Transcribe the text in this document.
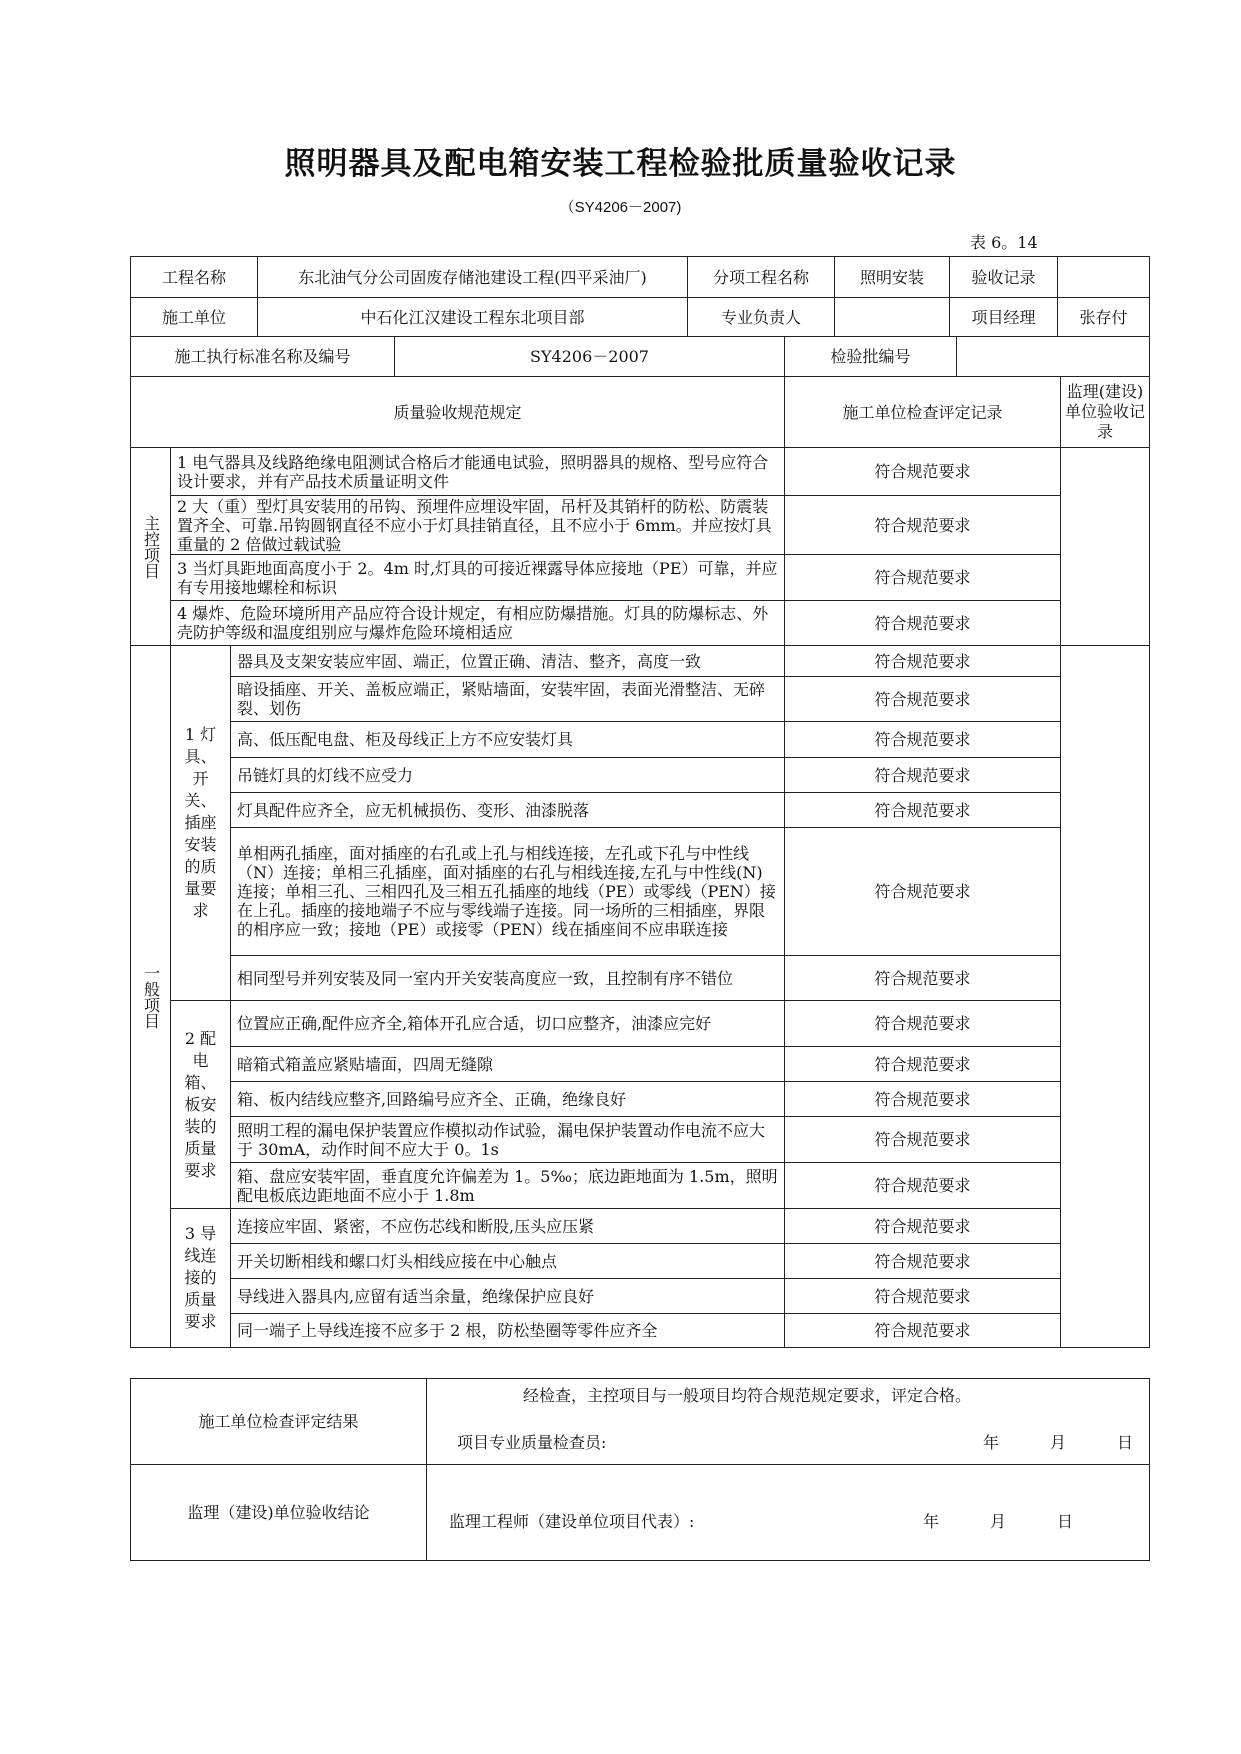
照明器具及配电箱安装工程检验批质量验收记录
（SY4206－2007)
表 6。14
工程名称	东北油气分公司固废存储池建设工程(四平采油厂)	分项工程名称	照明安装	验收记录	
施工单位	中石化江汉建设工程东北项目部	专业负责人		项目经理	张存付
施工执行标准名称及编号	SY4206－2007	检验批编号	
质量验收规范规定			施工单位检查评定记录	监理(建设)单位验收记录
主控项目	1 电气器具及线路绝缘电阻测试合格后才能通电试验，照明器具的规格、型号应符合设计要求，并有产品技术质量证明文件		符合规范要求	
	2 大（重）型灯具安装用的吊钩、预埋件应埋设牢固，吊杆及其销杆的防松、防震装置齐全、可靠.吊钩圆钢直径不应小于灯具挂销直径，且不应小于 6mm。并应按灯具重量的 2 倍做过载试验		符合规范要求	
	3 当灯具距地面高度小于 2。4m 时,灯具的可接近裸露导体应接地（PE）可靠，并应有专用接地螺栓和标识		符合规范要求	
	4 爆炸、危险环境所用产品应符合设计规定，有相应防爆措施。灯具的防爆标志、外壳防护等级和温度组别应与爆炸危险环境相适应		符合规范要求	
一般项目	1 灯具、开关、插座安装的质量要求	器具及支架安装应牢固、端正，位置正确、清洁、整齐，高度一致	符合规范要求	
		暗设插座、开关、盖板应端正，紧贴墙面，安装牢固，表面光滑整洁、无碎裂、划伤	符合规范要求	
		高、低压配电盘、柜及母线正上方不应安装灯具	符合规范要求	
		吊链灯具的灯线不应受力	符合规范要求	
		灯具配件应齐全，应无机械损伤、变形、油漆脱落	符合规范要求	
		单相两孔插座，面对插座的右孔或上孔与相线连接，左孔或下孔与中性线（N）连接；单相三孔插座，面对插座的右孔与相线连接,左孔与中性线(N)连接；单相三孔、三相四孔及三相五孔插座的地线（PE）或零线（PEN）接在上孔。插座的接地端子不应与零线端子连接。同一场所的三相插座，界限的相序应一致；接地（PE）或接零（PEN）线在插座间不应串联连接	符合规范要求	
		相同型号并列安装及同一室内开关安装高度应一致，且控制有序不错位	符合规范要求	
	2 配电箱、板安装的质量要求	位置应正确,配件应齐全,箱体开孔应合适，切口应整齐，油漆应完好	符合规范要求	
		暗箱式箱盖应紧贴墙面，四周无缝隙	符合规范要求	
		箱、板内结线应整齐,回路编号应齐全、正确，绝缘良好	符合规范要求	
		照明工程的漏电保护装置应作模拟动作试验，漏电保护装置动作电流不应大于 30mA，动作时间不应大于 0。1s	符合规范要求	
		箱、盘应安装牢固，垂直度允许偏差为 1。5‰；底边距地面为 1.5m，照明配电板底边距地面不应小于 1.8m	符合规范要求	
	3 导线连接的质量要求	连接应牢固、紧密，不应伤芯线和断股,压头应压紧	符合规范要求	
		开关切断相线和螺口灯头相线应接在中心触点	符合规范要求	
		导线进入器具内,应留有适当余量，绝缘保护应良好	符合规范要求	
		同一端子上导线连接不应多于 2 根，防松垫圈等零件应齐全	符合规范要求	
施工单位检查评定结果	经检查，主控项目与一般项目均符合规范规定要求，评定合格。
项目专业质量检查员: 年 月 日

监理（建设)单位验收结论	监理工程师（建设单位项目代表）: 年 月 日
